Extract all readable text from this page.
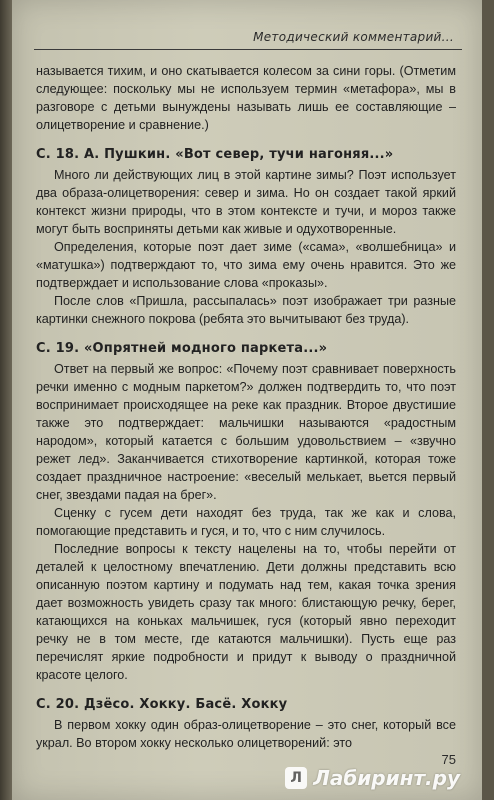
Методический комментарий...

называется тихим, и оно скатывается колесом за сини горы. (Отметим следующее: поскольку мы не используем термин «метафора», мы в разговоре с детьми вынуждены называть лишь ее составляющие – олицетворение и сравнение.)

С. 18. А. Пушкин. «Вот север, тучи нагоняя...»

Много ли действующих лиц в этой картине зимы? Поэт использует два образа-олицетворения: север и зима. Но он создает такой яркий контекст жизни природы, что в этом контексте и тучи, и мороз также могут быть восприняты детьми как живые и одухотворенные.

Определения, которые поэт дает зиме («сама», «волшебница» и «матушка») подтверждают то, что зима ему очень нравится. Это же подтверждает и использование слова «проказы».

После слов «Пришла, рассыпалась» поэт изображает три разные картинки снежного покрова (ребята это вычитывают без труда).

С. 19. «Опрятней модного паркета...»

Ответ на первый же вопрос: «Почему поэт сравнивает поверхность речки именно с модным паркетом?» должен подтвердить то, что поэт воспринимает происходящее на реке как праздник. Второе двустишие также это подтверждает: мальчишки называются «радостным народом», который катается с большим удовольствием – «звучно режет лед». Заканчивается стихотворение картинкой, которая тоже создает праздничное настроение: «веселый мелькает, вьется первый снег, звездами падая на брег».

Сценку с гусем дети находят без труда, так же как и слова, помогающие представить и гуся, и то, что с ним случилось.

Последние вопросы к тексту нацелены на то, чтобы перейти от деталей к целостному впечатлению. Дети должны представить всю описанную поэтом картину и подумать над тем, какая точка зрения дает возможность увидеть сразу так много: блистающую речку, берег, катающихся на коньках мальчишек, гуся (который явно переходит речку не в том месте, где катаются мальчишки). Пусть еще раз перечислят яркие подробности и придут к выводу о праздничной красоте целого.

С. 20. Дзёсо. Хокку. Басё. Хокку

В первом хокку один образ-олицетворение – это снег, который все украл. Во втором хокку несколько олицетворений: это

75
Л Лабиринт.ру
